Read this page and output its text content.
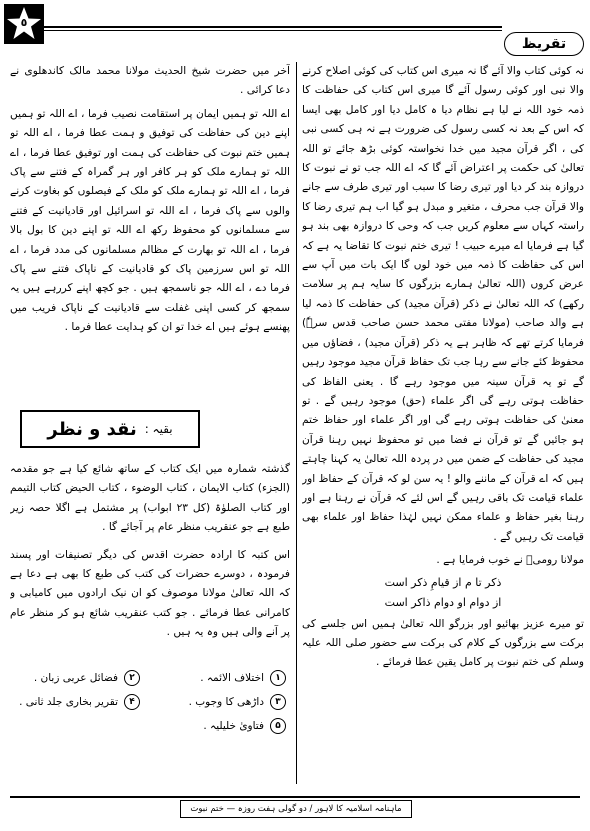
٥
تقریظ

نہ کوئی کتاب والا آئے گا نہ میری اس کتاب کی کوئی اصلاح کرنے والا نبی اور کوئی رسول آئے گا میری اس کتاب کی حفاظت کا ذمہ خود اللہ نے لیا ہے نظام دیا ہ کامل دیا اور کامل بھی ایسا کہ اس کے بعد نہ کسی رسول کی ضرورت ہے نہ ہی کسی نبی کی ، اگر قرآن مجید میں خدا نخواستہ کوئی بڑھ جائے تو اللہ تعالیٰ کی حکمت پر اعتراض آئے گا کہ اے اللہ جب تو نے نبوت کا دروازہ بند کر دیا اور تیری رضا کا سبب اور تیری طرف سے جانے والا قرآن جب محرف ، متغیر و مبدل ہو گیا اب ہم تیری رضا کا راستہ کہاں سے معلوم کریں جب کہ وحی کا دروازہ بھی بند ہو گیا ہے فرمایا اے میرے حبیب ! تیری ختم نبوت کا تقاضا یہ ہے کہ اس کی حفاظت کا ذمہ میں خود لوں گا ایک بات میں آپ سے عرض کروں (اللہ تعالیٰ ہمارے بزرگوں کا سایہ ہم پر سلامت رکھے) کہ اللہ تعالیٰ نے ذکر (قرآن مجید) کی حفاظت کا ذمہ لیا ہے والد صاحب (مولانا مفتی محمد حسن صاحب قدس سرہٗ) فرمایا کرتے تھے کہ ظاہر ہے یہ ذکر (قرآن مجید) ، فضاؤں میں محفوظ کئے جانے سے رہا جب تک حفاظ قرآن مجید موجود رہیں گے تو یہ قرآن سینہ میں موجود رہے گا . یعنی الفاظ کی حفاظت ہوتی رہے گی اگر علماء (حق) موجود رہیں گے . تو معنیٰ کی حفاظت ہوتی رہے گی اور اگر علماء اور حفاظ ختم ہو جائیں گے تو قرآن نے فضا میں تو محفوظ نہیں رہنا قرآن مجید کی حفاظت کے ضمن میں در پردہ اللہ تعالیٰ یہ کہنا چاہتے ہیں کہ اے قرآن کے ماننے والو ! یہ سن لو کہ قرآن کے حفاظ اور علماء قیامت تک باقی رہیں گے اس لئے کہ قرآن نے رہنا ہے اور رہنا بغیر حفاظ و علماء ممکن نہیں لہٰذا حفاظ اور علماء بھی قیامت تک رہیں گے .

مولانا رومیؒ نے خوب فرمایا ہے .

ذکر تا م از قیامِ ذکر است
از دوام او دوام ذاکر است

تو میرے عزیز بھائیو اور بزرگو اللہ تعالیٰ ہمیں اس جلسے کی برکت سے بزرگوں کے کلام کی برکت سے حضور صلی اللہ علیہ وسلم کی ختم نبوت پر کامل یقین عطا فرمائے .

آخر میں حضرت شیخ الحدیث مولانا محمد مالک کاندھلوی نے دعا کرائی .

اے اللہ تو ہمیں ایمان پر استقامت نصیب فرما ، اے اللہ تو ہمیں اپنے دین کی حفاظت کی توفیق و ہمت عطا فرما ، اے اللہ تو ہمیں ختم نبوت کی حفاظت کی ہمت اور توفیق عطا فرما ، اے اللہ تو ہمارے ملک کو ہر کافر اور ہر گمراہ کے فتنے سے پاک فرما ، اے اللہ تو ہمارے ملک کو ملک کے فیصلوں کو بغاوت کرنے والوں سے پاک فرما ، اے اللہ تو اسرائیل اور قادیانیت کے فتنے سے مسلمانوں کو محفوظ رکھ اے اللہ تو اپنے دین کا بول بالا فرما ، اے اللہ تو بھارت کے مظالم مسلمانوں کی مدد فرما ، اے اللہ تو اس سرزمین پاک کو قادیانیت کے ناپاک فتنے سے پاک فرما دے ، اے اللہ جو ناسمجھ ہیں . جو کچھ اپنے کررہے ہیں یہ سمجھ کر کسی اپنی غفلت سے قادیانیت کے ناپاک فریب میں پھنسے ہوئے ہیں اے خدا تو ان کو ہدایت عطا فرما .

بقیہ :
نقد و نظر

گذشتہ شمارہ میں ایک کتاب کے ساتھ شائع کیا ہے جو مقدمہ (الجزء) کتاب الایمان ، کتاب الوضوء ، کتاب الحیض کتاب التیمم اور کتاب الصلوٰۃ (کل ۲۳ ابواب) پر مشتمل ہے اگلا حصہ زیر طبع ہے جو عنقریب منظر عام پر آجائے گا .

اس کتبہ کا ارادہ حضرت اقدس کی دیگر تصنیفات اور پسند فرمودہ ، دوسرے حضرات کی کتب کی طبع کا بھی ہے دعا ہے کہ اللہ تعالیٰ مولانا موصوف کو ان نیک ارادوں میں کامیابی و کامرانی عطا فرمائے . جو کتب عنقریب شائع ہو کر منظر عام پر آنے والی ہیں وہ یہ ہیں .

۱
اختلاف الائمہ .
۲
فضائل عربی زبان .
۳
داڑھی کا وجوب .
۴
تقریر بخاری جلد ثانی .
۵
فتاویٰ خلیلیہ .
ماہنامہ اسلامیہ کا لاہور / دو گولی ہفت روزہ — ختم نبوت
